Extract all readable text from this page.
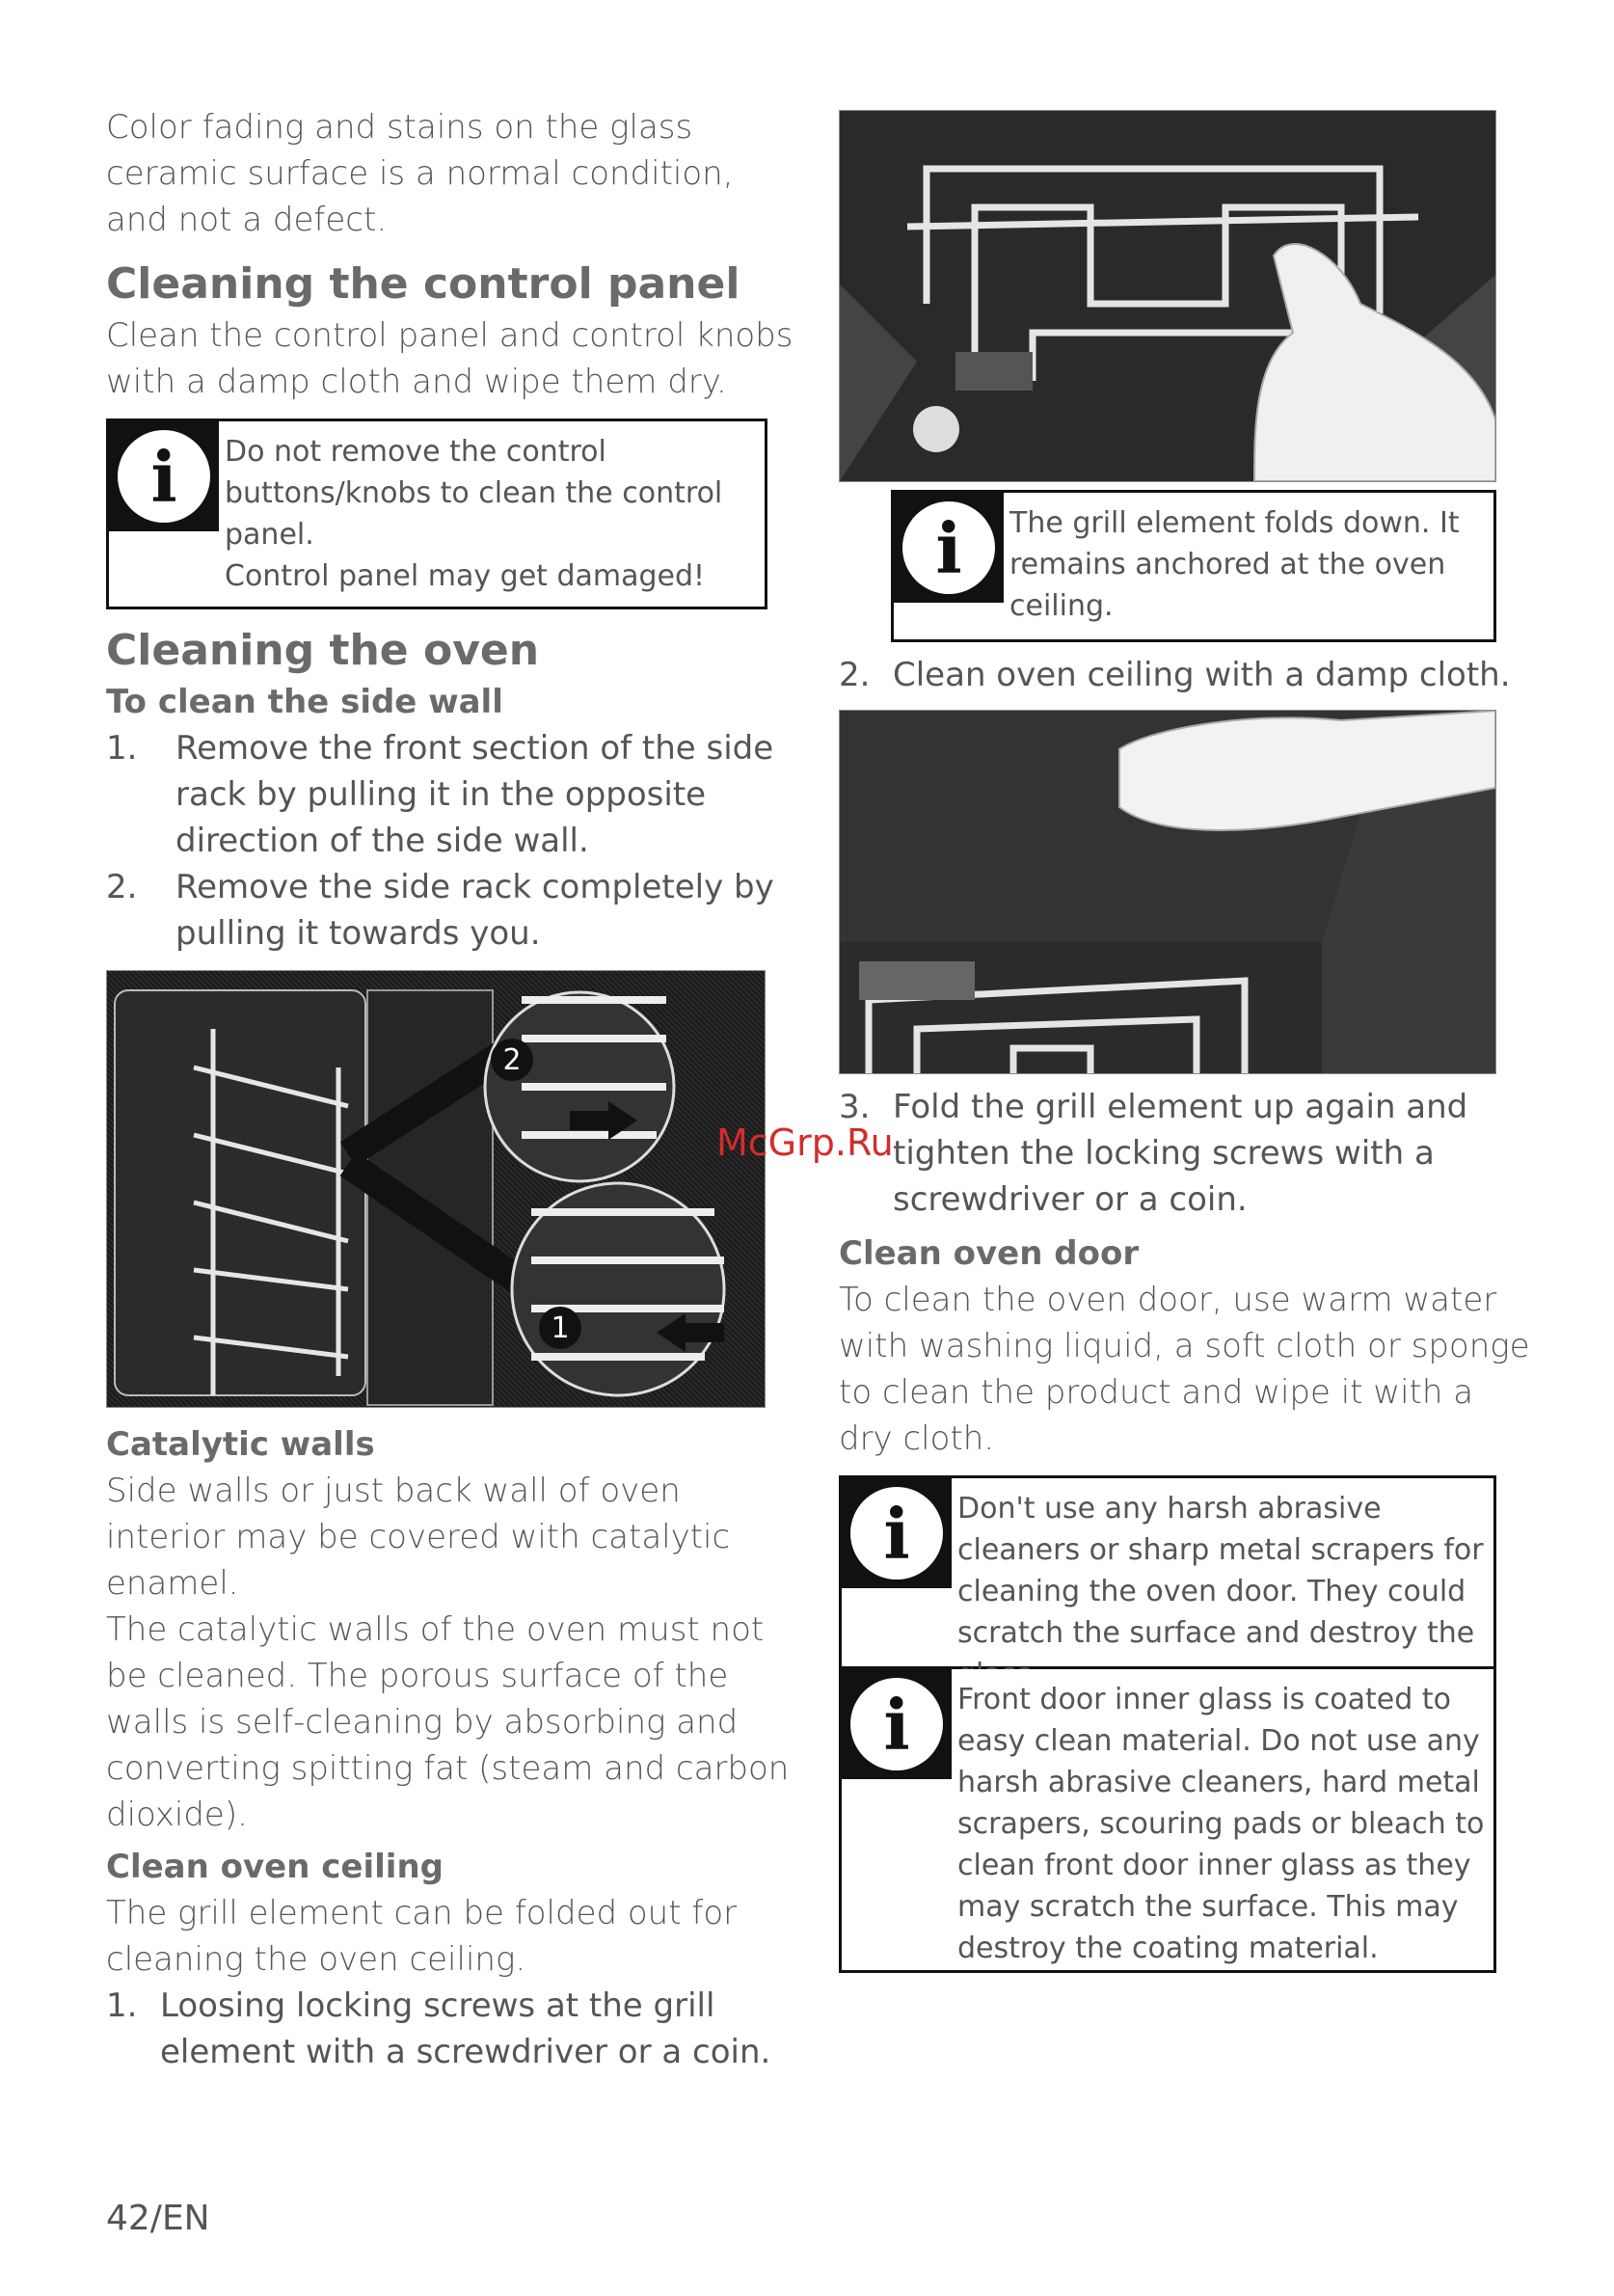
Color fading and stains on the glass ceramic surface is a normal condition, and not a defect.

Cleaning the control panel

Clean the control panel and control knobs with a damp cloth and wipe them dry.

i	Do not remove the control buttons/knobs to clean the control panel.
Control panel may get damaged!
Cleaning the oven
To clean the side wall
1. Remove the front section of the side rack by pulling it in the opposite direction of the side wall.
2. Remove the side rack completely by pulling it towards you.
2
1
Catalytic walls

Side walls or just back wall of oven interior may be covered with catalytic enamel.

The catalytic walls of the oven must not be cleaned. The porous surface of the walls is self-cleaning by absorbing and converting spitting fat (steam and carbon dioxide).

Clean oven ceiling

The grill element can be folded out for cleaning the oven ceiling.

1. Loosing locking screws at the grill element with a screwdriver or a coin.
i	The grill element folds down. It remains anchored at the oven ceiling.
2. Clean oven ceiling with a damp cloth.
3. Fold the grill element up again and tighten the locking screws with a screwdriver or a coin.
Clean oven door

To clean the oven door, use warm water with washing liquid, a soft cloth or sponge to clean the product and wipe it with a dry cloth.

i	Don't use any harsh abrasive cleaners or sharp metal scrapers for cleaning the oven door. They could scratch the surface and destroy the
i	Front door inner glass is coated to easy clean material. Do not use any harsh abrasive cleaners, hard metal scrapers, scouring pads or bleach to clean front door inner glass as they may scratch the surface. This may destroy the coating material.
McGrp.Ru
42/EN
